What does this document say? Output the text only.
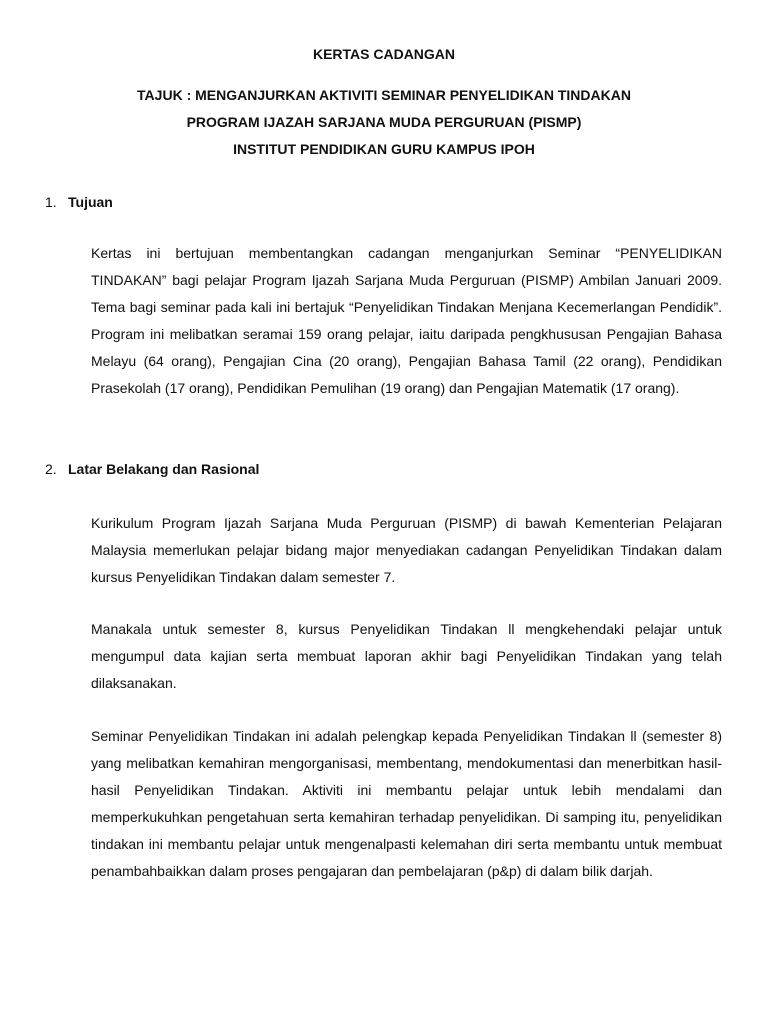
KERTAS CADANGAN
TAJUK : MENGANJURKAN AKTIVITI SEMINAR PENYELIDIKAN TINDAKAN
PROGRAM IJAZAH SARJANA MUDA PERGURUAN (PISMP)
INSTITUT PENDIDIKAN GURU KAMPUS IPOH
1. Tujuan

Kertas ini bertujuan membentangkan cadangan menganjurkan Seminar “PENYELIDIKAN TINDAKAN” bagi pelajar Program Ijazah Sarjana Muda Perguruan (PISMP) Ambilan Januari 2009. Tema bagi seminar pada kali ini bertajuk “Penyelidikan Tindakan Menjana Kecemerlangan Pendidik”. Program ini melibatkan seramai 159 orang pelajar, iaitu daripada pengkhususan Pengajian Bahasa Melayu (64 orang), Pengajian Cina (20 orang), Pengajian Bahasa Tamil (22 orang), Pendidikan Prasekolah (17 orang), Pendidikan Pemulihan (19 orang) dan Pengajian Matematik (17 orang).

2. Latar Belakang dan Rasional

Kurikulum Program Ijazah Sarjana Muda Perguruan (PISMP) di bawah Kementerian Pelajaran Malaysia memerlukan pelajar bidang major menyediakan cadangan Penyelidikan Tindakan dalam kursus Penyelidikan Tindakan dalam semester 7.

Manakala untuk semester 8, kursus Penyelidikan Tindakan ll mengkehendaki pelajar untuk mengumpul data kajian serta membuat laporan akhir bagi Penyelidikan Tindakan yang telah dilaksanakan.

Seminar Penyelidikan Tindakan ini adalah pelengkap kepada Penyelidikan Tindakan ll (semester 8) yang melibatkan kemahiran mengorganisasi, membentang, mendokumentasi dan menerbitkan hasil-hasil Penyelidikan Tindakan. Aktiviti ini membantu pelajar untuk lebih mendalami dan memperkukuhkan pengetahuan serta kemahiran terhadap penyelidikan. Di samping itu, penyelidikan tindakan ini membantu pelajar untuk mengenalpasti kelemahan diri serta membantu untuk membuat penambahbaikkan dalam proses pengajaran dan pembelajaran (p&p) di dalam bilik darjah.
